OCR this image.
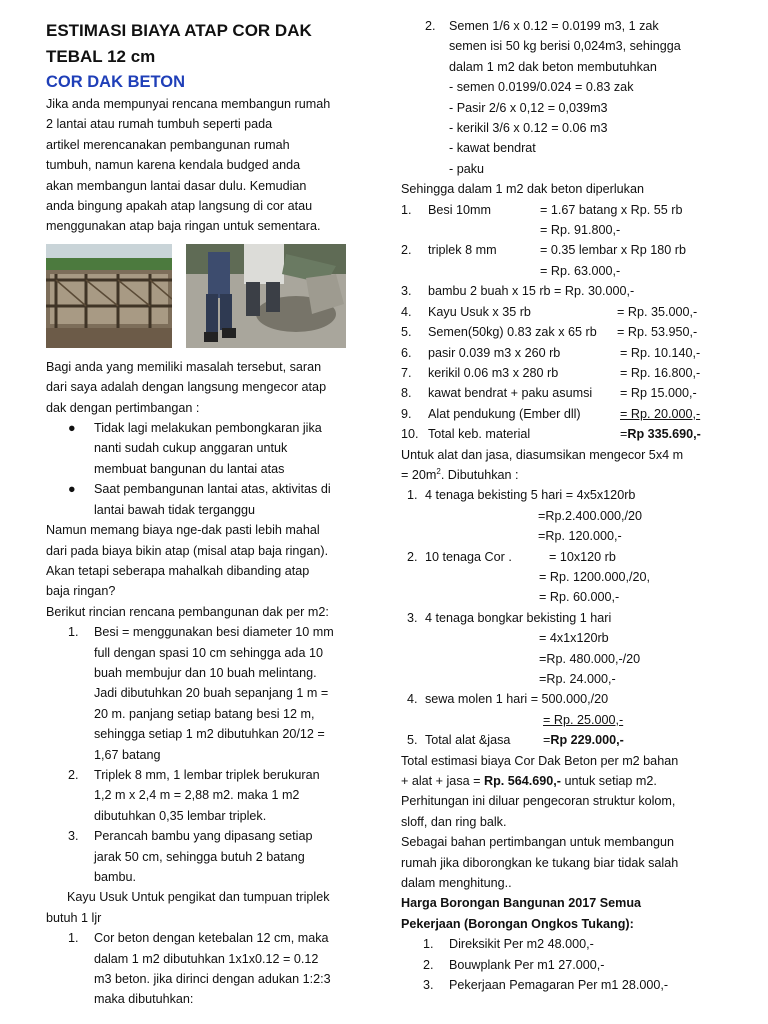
ESTIMASI BIAYA ATAP COR DAK
TEBAL 12 cm
COR DAK BETON
Jika anda mempunyai rencana membangun rumah
2 lantai atau rumah tumbuh seperti pada
artikel merencanakan pembangunan rumah
tumbuh, namun karena kendala budged anda
akan membangun lantai dasar dulu. Kemudian
anda bingung apakah atap langsung di cor atau
menggunakan atap baja ringan untuk sementara.
Bagi anda yang memiliki masalah tersebut, saran
dari saya adalah dengan langsung mengecor atap
dak dengan pertimbangan :
● Tidak lagi melakukan pembongkaran jika
nanti sudah cukup anggaran untuk
membuat bangunan du lantai atas
● Saat pembangunan lantai atas, aktivitas di
lantai bawah tidak terganggu
Namun memang biaya nge-dak pasti lebih mahal
dari pada biaya bikin atap (misal atap baja ringan).
Akan tetapi seberapa mahalkah dibanding atap
baja ringan?
Berikut rincian rencana pembangunan dak per m2:
1. Besi = menggunakan besi diameter 10 mm
full dengan spasi 10 cm sehingga ada 10
buah membujur dan 10 buah melintang.
Jadi dibutuhkan 20 buah sepanjang 1 m =
20 m. panjang setiap batang besi 12 m,
sehingga setiap 1 m2 dibutuhkan 20/12 =
1,67 batang
2. Triplek 8 mm, 1 lembar triplek berukuran
1,2 m x 2,4 m = 2,88 m2. maka 1 m2
dibutuhkan 0,35 lembar triplek.
3. Perancah bambu yang dipasang setiap
jarak 50 cm, sehingga butuh 2 batang
bambu.
Kayu Usuk Untuk pengikat dan tumpuan triplek
butuh 1 ljr
1. Cor beton dengan ketebalan 12 cm, maka
dalam 1 m2 dibutuhkan 1x1x0.12 = 0.12
m3 beton. jika dirinci dengan adukan 1:2:3
maka dibutuhkan:
2. Semen 1/6 x 0.12 = 0.0199 m3, 1 zak
semen isi 50 kg berisi 0,024m3, sehingga
dalam 1 m2 dak beton membutuhkan
- semen 0.0199/0.024 = 0.83 zak
- Pasir 2/6 x 0,12 = 0,039m3
- kerikil 3/6 x 0.12 = 0.06 m3
- kawat bendrat
- paku
Sehingga dalam 1 m2 dak beton diperlukan
1. Besi 10mm	= 1.67 batang x Rp. 55 rb
= Rp. 91.800,-
2. triplek 8 mm	= 0.35 lembar x Rp 180 rb
= Rp. 63.000,-
3. bambu 2 buah x 15 rb = Rp. 30.000,-
4. Kayu Usuk x 35 rb	= Rp. 35.000,-
5. Semen(50kg) 0.83 zak x 65 rb	= Rp. 53.950,-
6. pasir 0.039 m3 x 260 rb	= Rp. 10.140,-
7. kerikil 0.06 m3 x 280 rb	= Rp. 16.800,-
8. kawat bendrat + paku asumsi	= Rp 15.000,-
9. Alat pendukung (Ember dll)	= Rp. 20.000,-
10. Total keb. material	= Rp 335.690,-
Untuk alat dan jasa, diasumsikan mengecor 5x4 m
= $20m^2$. Dibutuhkan :
1. 4 tenaga bekisting 5 hari = 4x5x120rb
=Rp.2.400.000,/20
=Rp. 120.000,-
2. 10 tenaga Cor .	= 10x120 rb
= Rp. 1200.000,/20,
= Rp. 60.000,-
3. 4 tenaga bongkar bekisting 1 hari
= 4x1x120rb
=Rp. 480.000,-/20
=Rp. 24.000,-
4. sewa molen 1 hari = 500.000,/20
= Rp. 25.000,-
5. Total alat &jasa	= Rp 229.000,-
Total estimasi biaya Cor Dak Beton per m2 bahan
+ alat + jasa = Rp. 564.690,- untuk setiap m2.
Perhitungan ini diluar pengecoran struktur kolom,
sloff, dan ring balk.
Sebagai bahan pertimbangan untuk membangun
rumah jika diborongkan ke tukang biar tidak salah
dalam menghitung..
Harga Borongan Bangunan 2017 Semua
Pekerjaan (Borongan Ongkos Tukang):
1. Direksikit Per m2 48.000,-
2. Bouwplank Per m1 27.000,-
3. Pekerjaan Pemagaran Per m1 28.000,-
